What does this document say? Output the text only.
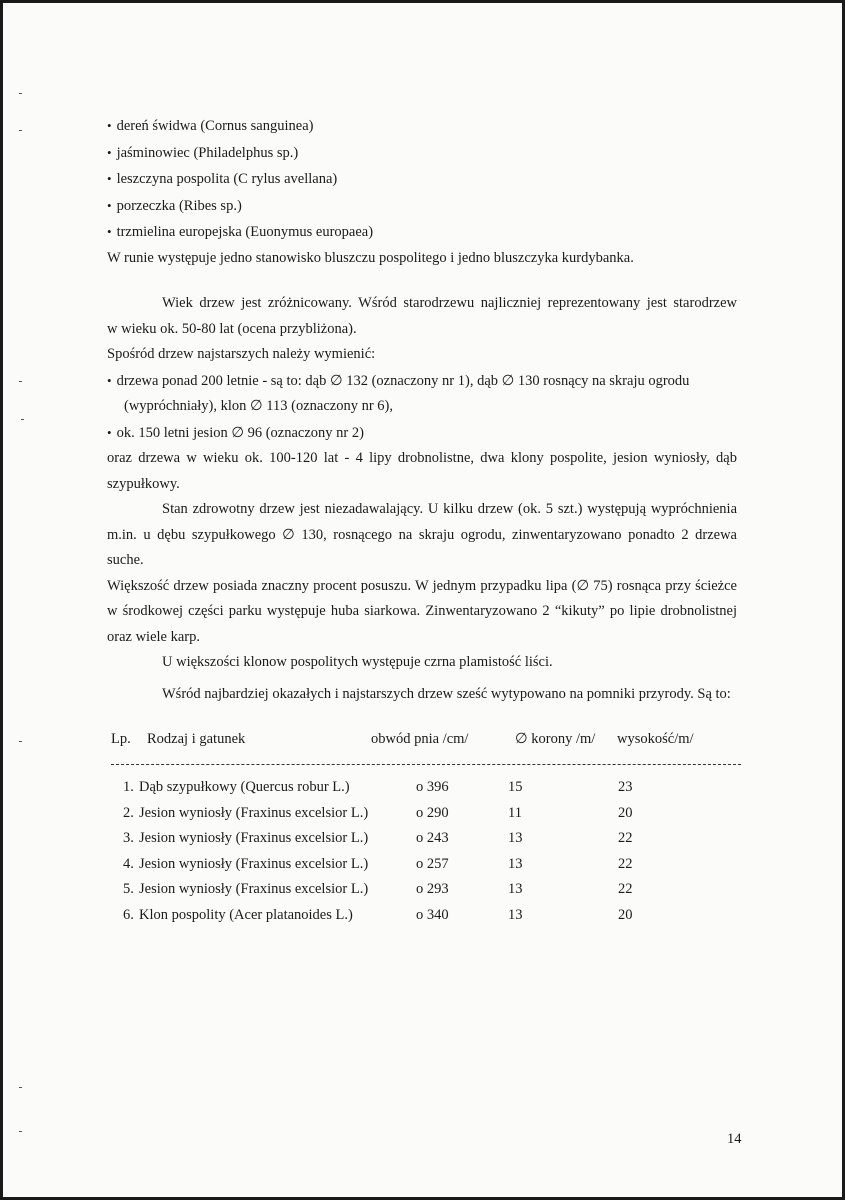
• dereń świdwa (Cornus sanguinea)
• jaśminowiec (Philadelphus sp.)
• leszczyna pospolita (C rylus avellana)
• porzeczka (Ribes sp.)
• trzmielina europejska (Euonymus europaea)
W runie występuje jedno stanowisko bluszczu pospolitego i jedno bluszczyka kurdybanka.
Wiek drzew jest zróżnicowany. Wśród starodrzewu najliczniej reprezentowany jest starodrzew
w wieku ok. 50-80 lat (ocena przybliżona).
Spośród drzew najstarszych należy wymienić:
• drzewa ponad 200 letnie - są to: dąb ∅ 132 (oznaczony nr 1), dąb ∅ 130 rosnący na skraju ogrodu
(wypróchniały), klon ∅ 113 (oznaczony nr 6),
• ok. 150 letni jesion ∅ 96 (oznaczony nr 2)
oraz drzewa w wieku ok. 100-120 lat - 4 lipy drobnolistne, dwa klony pospolite, jesion wyniosły, dąb
szypułkowy.
Stan zdrowotny drzew jest niezadawalający. U kilku drzew (ok. 5 szt.) występują wypróchnienia
m.in. u dębu szypułkowego ∅ 130, rosnącego na skraju ogrodu, zinwentaryzowano ponadto 2 drzewa suche.
Większość drzew posiada znaczny procent posuszu. W jednym przypadku lipa (∅ 75) rosnąca przy ścieżce
w środkowej części parku występuje huba siarkowa. Zinwentaryzowano 2 “kikuty” po lipie drobnolistnej
oraz wiele karp.
U większości klonow pospolitych występuje czrna plamistość liści.
Wśród najbardziej okazałych i najstarszych drzew sześć wytypowano na pomniki przyrody. Są to:
Lp. Rodzaj i gatunek	obwód pnia /cm/	∅ korony /m/ wysokość/m/
1. Dąb szypułkowy (Quercus robur L.)	o 396	15	23
2. Jesion wyniosły (Fraxinus excelsior L.)	o 290	11	20
3. Jesion wyniosły (Fraxinus excelsior L.)	o 243	13	22
4. Jesion wyniosły (Fraxinus excelsior L.)	o 257	13	22
5. Jesion wyniosły (Fraxinus excelsior L.)	o 293	13	22
6. Klon pospolity (Acer platanoides L.)	o 340	13	20
14
